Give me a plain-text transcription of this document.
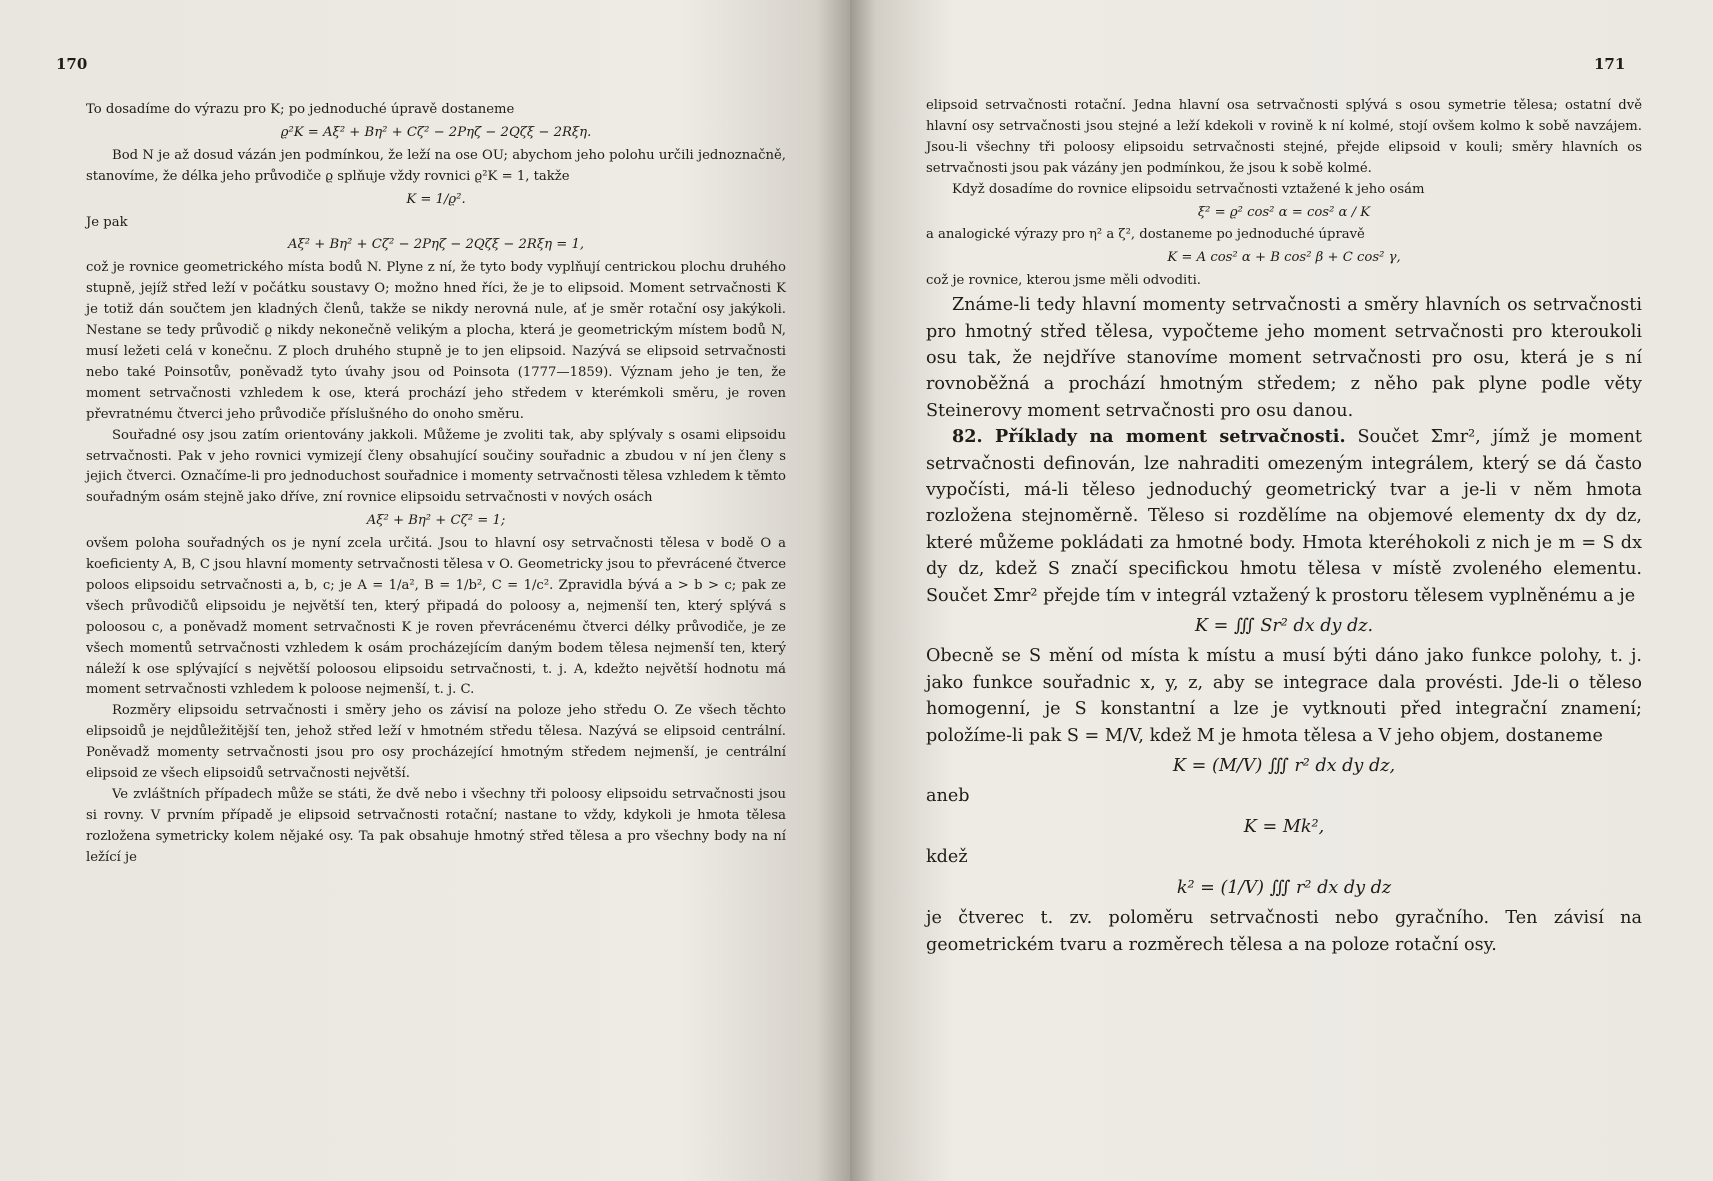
170

To dosadíme do výrazu pro K; po jednoduché úpravě dostaneme

ϱ²K = Aξ² + Bη² + Cζ² − 2Pηζ − 2Qζξ − 2Rξη.

Bod N je až dosud vázán jen podmínkou, že leží na ose OU; abychom jeho polohu určili jednoznačně, stanovíme, že délka jeho průvodiče ϱ splňuje vždy rovnici ϱ²K = 1, takže

K = 1/ϱ².

Je pak

Aξ² + Bη² + Cζ² − 2Pηζ − 2Qζξ − 2Rξη = 1,

což je rovnice geometrického místa bodů N. Plyne z ní, že tyto body vyplňují centrickou plochu druhého stupně, jejíž střed leží v počátku soustavy O; možno hned říci, že je to elipsoid. Moment setrvačnosti K je totiž dán součtem jen kladných členů, takže se nikdy nerovná nule, ať je směr rotační osy jakýkoli. Nestane se tedy průvodič ϱ nikdy nekonečně velikým a plocha, která je geometrickým místem bodů N, musí ležeti celá v konečnu. Z ploch druhého stupně je to jen elipsoid. Nazývá se elipsoid setrvačnosti nebo také Poinsotův, poněvadž tyto úvahy jsou od Poinsota (1777—1859). Význam jeho je ten, že moment setrvačnosti vzhledem k ose, která prochází jeho středem v kterémkoli směru, je roven převratnému čtverci jeho průvodiče příslušného do onoho směru.

Souřadné osy jsou zatím orientovány jakkoli. Můžeme je zvoliti tak, aby splývaly s osami elipsoidu setrvačnosti. Pak v jeho rovnici vymizejí členy obsahující součiny souřadnic a zbudou v ní jen členy s jejich čtverci. Označíme-li pro jednoduchost souřadnice i momenty setrvačnosti tělesa vzhledem k těmto souřadným osám stejně jako dříve, zní rovnice elipsoidu setrvačnosti v nových osách

Aξ² + Bη² + Cζ² = 1;

ovšem poloha souřadných os je nyní zcela určitá. Jsou to hlavní osy setrvačnosti tělesa v bodě O a koeficienty A, B, C jsou hlavní momenty setrvačnosti tělesa v O. Geometricky jsou to převrácené čtverce poloos elipsoidu setrvačnosti a, b, c; je A = 1/a², B = 1/b², C = 1/c². Zpravidla bývá a > b > c; pak ze všech průvodičů elipsoidu je největší ten, který připadá do poloosy a, nejmenší ten, který splývá s poloosou c, a poněvadž moment setrvačnosti K je roven převrácenému čtverci délky průvodiče, je ze všech momentů setrvačnosti vzhledem k osám procházejícím daným bodem tělesa nejmenší ten, který náleží k ose splývající s největší poloosou elipsoidu setrvačnosti, t. j. A, kdežto největší hodnotu má moment setrvačnosti vzhledem k poloose nejmenší, t. j. C.

Rozměry elipsoidu setrvačnosti i směry jeho os závisí na poloze jeho středu O. Ze všech těchto elipsoidů je nejdůležitější ten, jehož střed leží v hmotném středu tělesa. Nazývá se elipsoid centrální. Poněvadž momenty setrvačnosti jsou pro osy procházející hmotným středem nejmenší, je centrální elipsoid ze všech elipsoidů setrvačnosti největší.

Ve zvláštních případech může se státi, že dvě nebo i všechny tři poloosy elipsoidu setrvačnosti jsou si rovny. V prvním případě je elipsoid setrvačnosti rotační; nastane to vždy, kdykoli je hmota tělesa rozložena symetricky kolem nějaké osy. Ta pak obsahuje hmotný střed tělesa a pro všechny body na ní ležící je

171

elipsoid setrvačnosti rotační. Jedna hlavní osa setrvačnosti splývá s osou symetrie tělesa; ostatní dvě hlavní osy setrvačnosti jsou stejné a leží kdekoli v rovině k ní kolmé, stojí ovšem kolmo k sobě navzájem. Jsou-li všechny tři poloosy elipsoidu setrvačnosti stejné, přejde elipsoid v kouli; směry hlavních os setrvačnosti jsou pak vázány jen podmínkou, že jsou k sobě kolmé.

Když dosadíme do rovnice elipsoidu setrvačnosti vztažené k jeho osám

ξ² = ϱ² cos² α = cos² α / K

a analogické výrazy pro η² a ζ², dostaneme po jednoduché úpravě

K = A cos² α + B cos² β + C cos² γ,

což je rovnice, kterou jsme měli odvoditi.

Známe-li tedy hlavní momenty setrvačnosti a směry hlavních os setrvačnosti pro hmotný střed tělesa, vypočteme jeho moment setrvačnosti pro kteroukoli osu tak, že nejdříve stanovíme moment setrvačnosti pro osu, která je s ní rovnoběžná a prochází hmotným středem; z něho pak plyne podle věty Steinerovy moment setrvačnosti pro osu danou.

82. Příklady na moment setrvačnosti. Součet Σmr², jímž je moment setrvačnosti definován, lze nahraditi omezeným integrálem, který se dá často vypočísti, má-li těleso jednoduchý geometrický tvar a je-li v něm hmota rozložena stejnoměrně. Těleso si rozdělíme na objemové elementy dx dy dz, které můžeme pokládati za hmotné body. Hmota kteréhokoli z nich je m = S dx dy dz, kdež S značí specifickou hmotu tělesa v místě zvoleného elementu. Součet Σmr² přejde tím v integrál vztažený k prostoru tělesem vyplněnému a je

K = ∭ Sr² dx dy dz.

Obecně se S mění od místa k místu a musí býti dáno jako funkce polohy, t. j. jako funkce souřadnic x, y, z, aby se integrace dala provésti. Jde-li o těleso homogenní, je S konstantní a lze je vytknouti před integrační znamení; položíme-li pak S = M/V, kdež M je hmota tělesa a V jeho objem, dostaneme

K = (M/V) ∭ r² dx dy dz,

aneb

K = Mk²,

kdež

k² = (1/V) ∭ r² dx dy dz

je čtverec t. zv. poloměru setrvačnosti nebo gyračního. Ten závisí na geometrickém tvaru a rozměrech tělesa a na poloze rotační osy.
